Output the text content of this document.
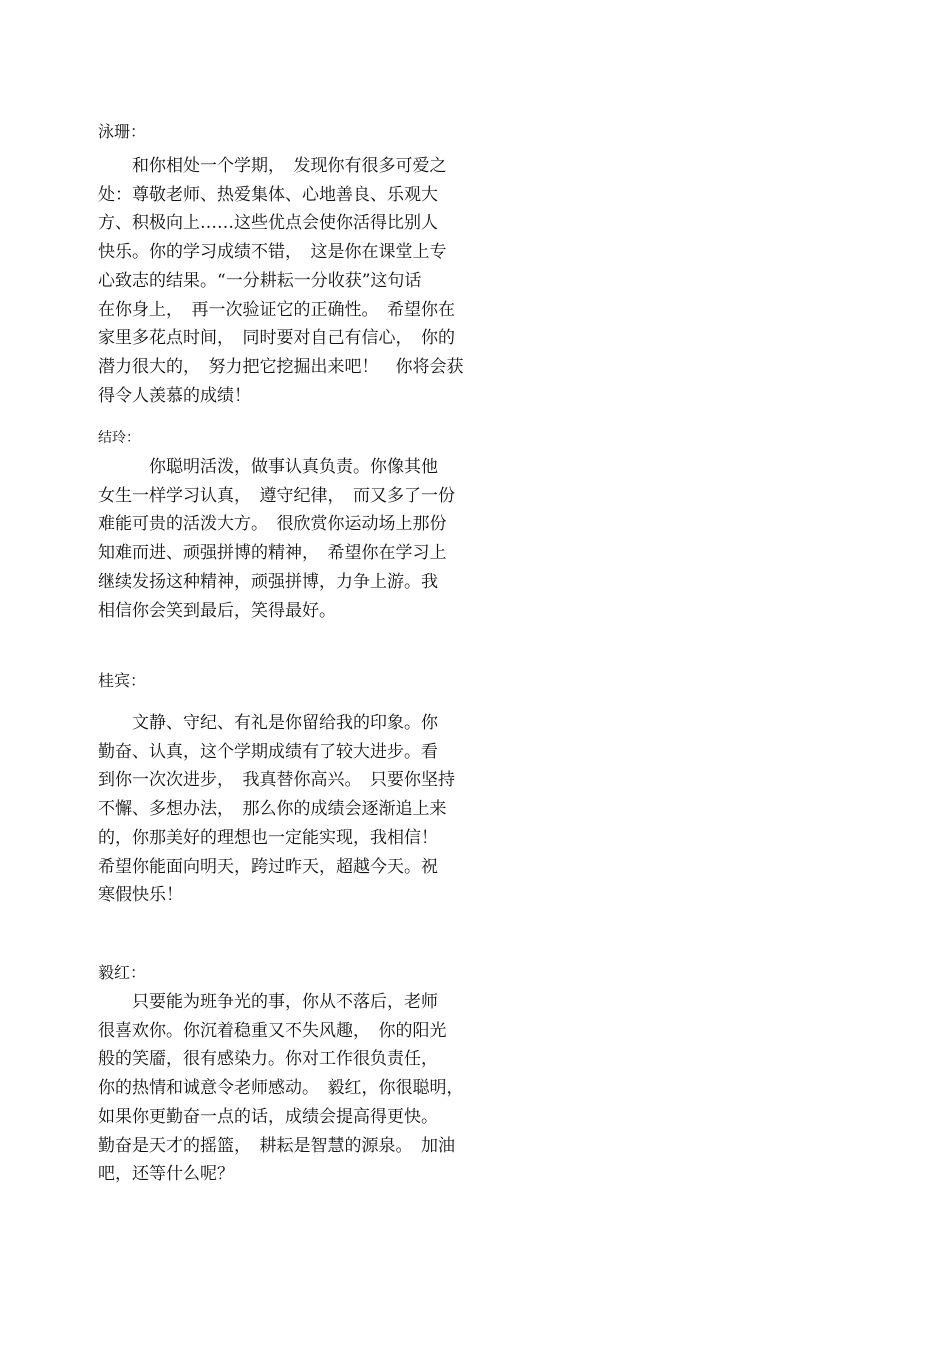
泳珊：
　　和你相处一个学期，　发现你有很多可爱之
处：尊敬老师、热爱集体、心地善良、乐观大
方、积极向上……这些优点会使你活得比别人
快乐。你的学习成绩不错，　这是你在课堂上专
心致志的结果。“一分耕耘一分收获”这句话
在你身上，　再一次验证它的正确性。　希望你在
家里多花点时间，　同时要对自己有信心，　你的
潜力很大的，　努力把它挖掘出来吧！　你将会获
得令人羡慕的成绩！
结玲：
　　　你聪明活泼，做事认真负责。你像其他
女生一样学习认真，　遵守纪律，　而又多了一份
难能可贵的活泼大方。　很欣赏你运动场上那份
知难而进、顽强拼博的精神，　希望你在学习上
继续发扬这种精神，顽强拼博，力争上游。我
相信你会笑到最后，笑得最好。
桂宾：
　　文静、守纪、有礼是你留给我的印象。你
勤奋、认真，这个学期成绩有了较大进步。看
到你一次次进步，　我真替你高兴。　只要你坚持
不懈、多想办法，　那么你的成绩会逐渐追上来
的，你那美好的理想也一定能实现，我相信！
希望你能面向明天，跨过昨天，超越今天。祝
寒假快乐！
毅红：
　　只要能为班争光的事，你从不落后，老师
很喜欢你。你沉着稳重又不失风趣，　你的阳光
般的笑靥，很有感染力。你对工作很负责任，
你的热情和诚意令老师感动。　毅红，你很聪明，
如果你更勤奋一点的话，成绩会提高得更快。
勤奋是天才的摇篮，　耕耘是智慧的源泉。　加油
吧，还等什么呢？
